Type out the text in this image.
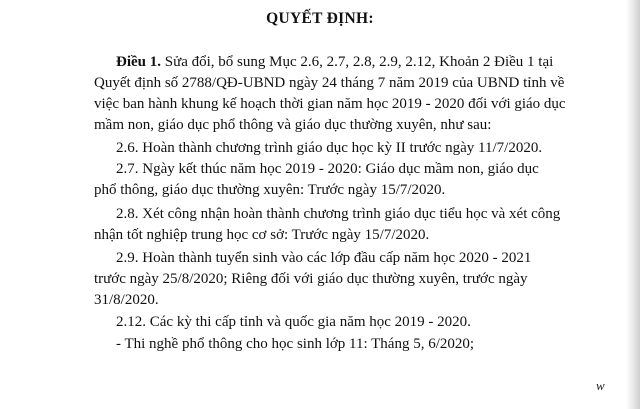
QUYẾT ĐỊNH:
Điều 1. Sửa đổi, bổ sung Mục 2.6, 2.7, 2.8, 2.9, 2.12, Khoản 2 Điều 1 tại
Quyết định số 2788/QĐ-UBND ngày 24 tháng 7 năm 2019 của UBND tỉnh về
việc ban hành khung kế hoạch thời gian năm học 2019 - 2020 đối với giáo dục
mầm non, giáo dục phổ thông và giáo dục thường xuyên, như sau:
2.6. Hoàn thành chương trình giáo dục học kỳ II trước ngày 11/7/2020.
2.7. Ngày kết thúc năm học 2019 - 2020: Giáo dục mầm non, giáo dục
phổ thông, giáo dục thường xuyên: Trước ngày 15/7/2020.
2.8. Xét công nhận hoàn thành chương trình giáo dục tiểu học và xét công
nhận tốt nghiệp trung học cơ sở: Trước ngày 15/7/2020.
2.9. Hoàn thành tuyển sinh vào các lớp đầu cấp năm học 2020 - 2021
trước ngày 25/8/2020; Riêng đối với giáo dục thường xuyên, trước ngày
31/8/2020.
2.12. Các kỳ thi cấp tỉnh và quốc gia năm học 2019 - 2020.
- Thi nghề phổ thông cho học sinh lớp 11: Tháng 5, 6/2020;
w
